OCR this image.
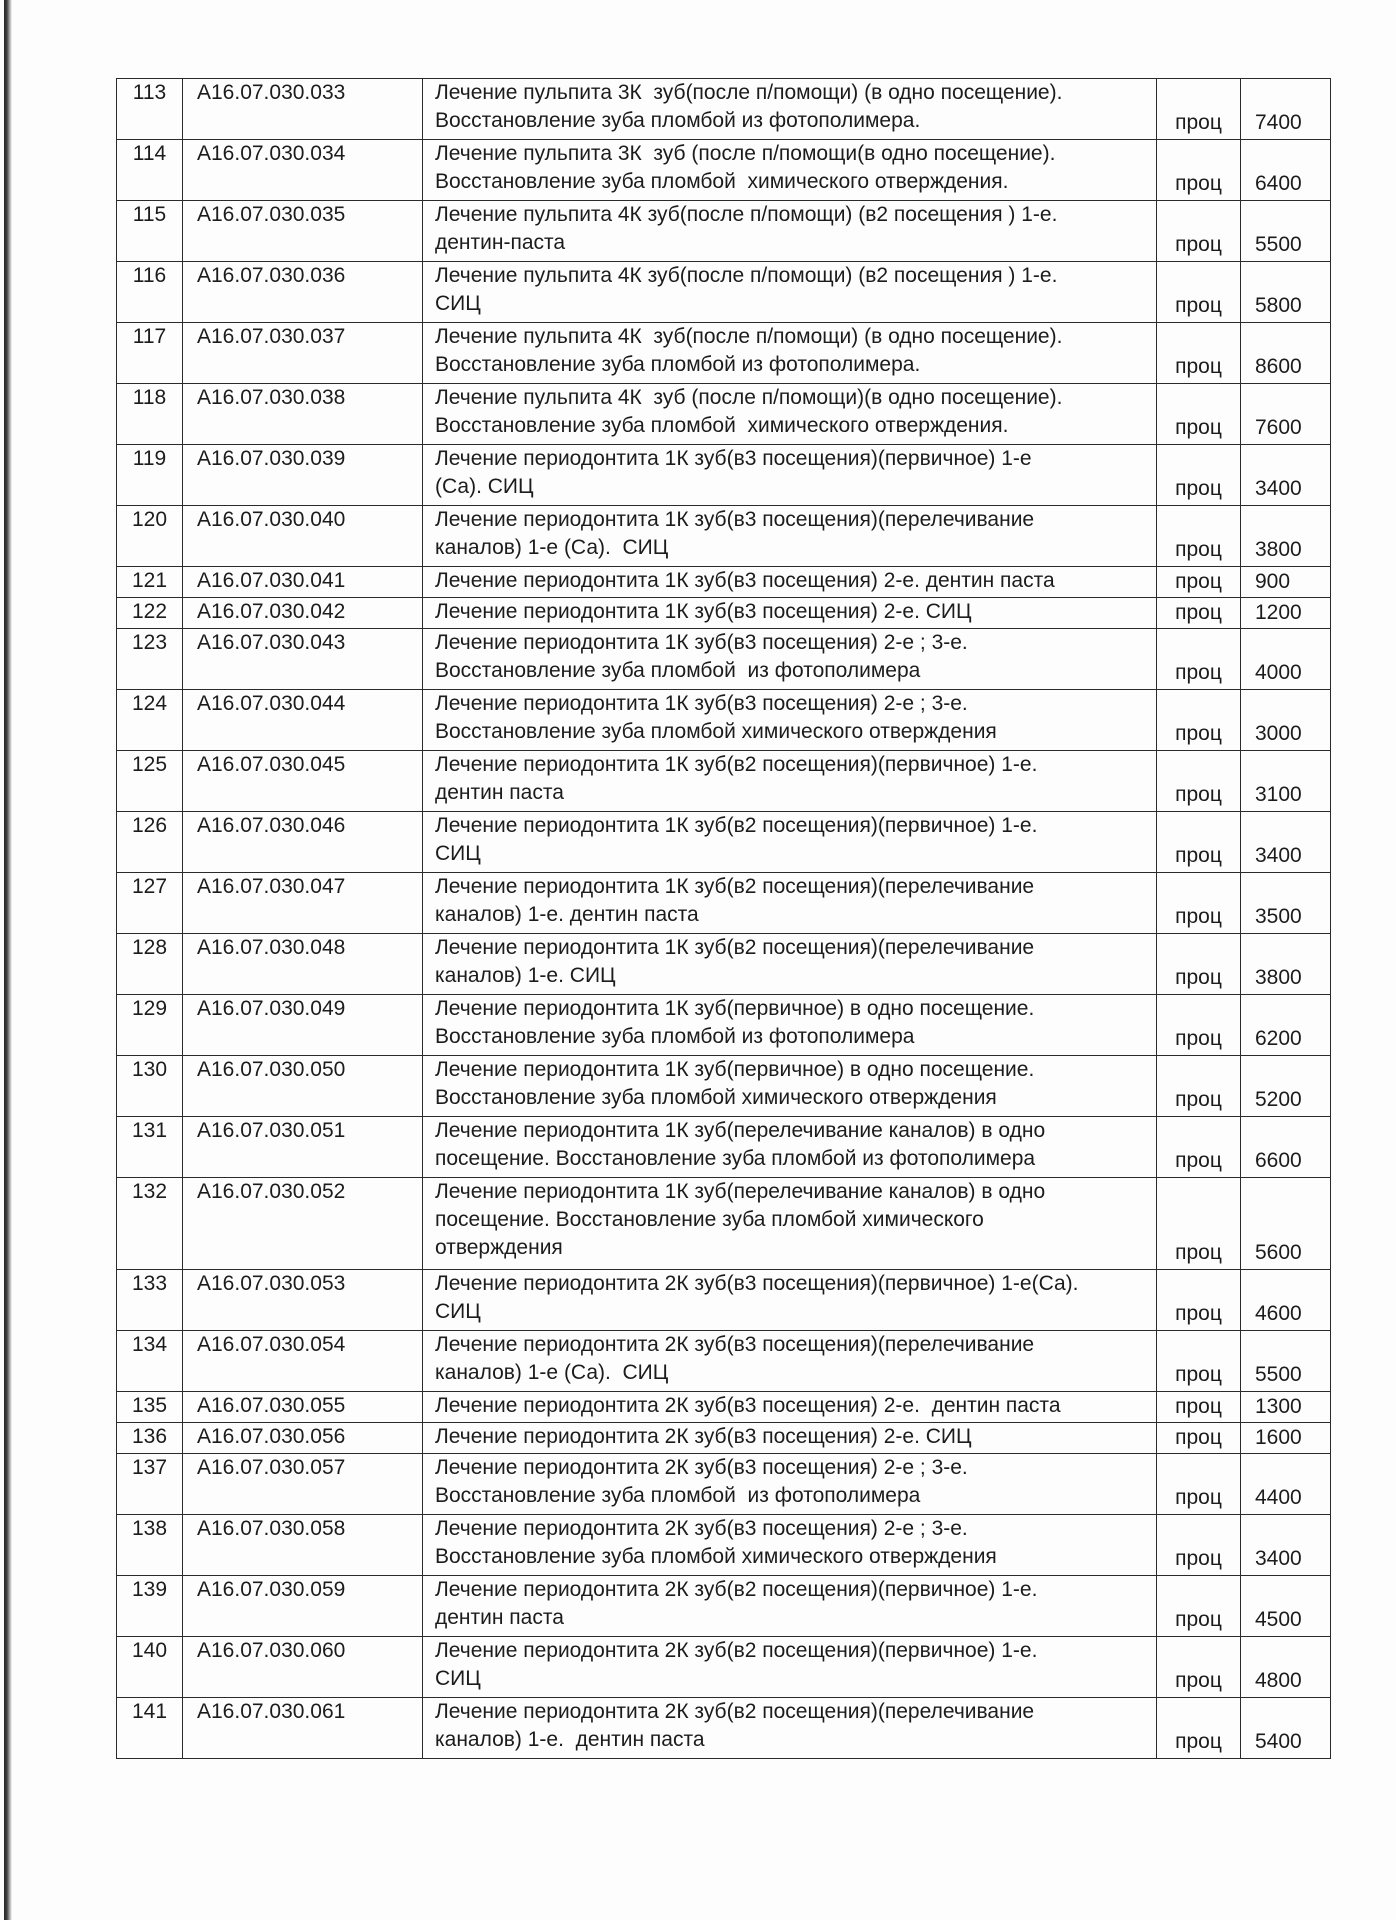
113	А16.07.030.033	Лечение пульпита 3К  зуб(после п/помощи) (в одно посещение).
Восстановление зуба пломбой из фотополимера.	проц	7400
114	А16.07.030.034	Лечение пульпита 3К  зуб (после п/помощи(в одно посещение).
Восстановление зуба пломбой  химического отверждения.	проц	6400
115	А16.07.030.035	Лечение пульпита 4К зуб(после п/помощи) (в2 посещения ) 1-е.
дентин-паста	проц	5500
116	А16.07.030.036	Лечение пульпита 4К зуб(после п/помощи) (в2 посещения ) 1-е.
СИЦ	проц	5800
117	А16.07.030.037	Лечение пульпита 4К  зуб(после п/помощи) (в одно посещение).
Восстановление зуба пломбой из фотополимера.	проц	8600
118	А16.07.030.038	Лечение пульпита 4К  зуб (после п/помощи)(в одно посещение).
Восстановление зуба пломбой  химического отверждения.	проц	7600
119	А16.07.030.039	Лечение периодонтита 1К зуб(в3 посещения)(первичное) 1-е
(Са). СИЦ	проц	3400
120	А16.07.030.040	Лечение периодонтита 1К зуб(в3 посещения)(перелечивание
каналов) 1-е (Са).  СИЦ	проц	3800
121	А16.07.030.041	Лечение периодонтита 1К зуб(в3 посещения) 2-е. дентин паста	проц	900
122	А16.07.030.042	Лечение периодонтита 1К зуб(в3 посещения) 2-е. СИЦ	проц	1200
123	А16.07.030.043	Лечение периодонтита 1К зуб(в3 посещения) 2-е ; 3-е.
Восстановление зуба пломбой  из фотополимера	проц	4000
124	А16.07.030.044	Лечение периодонтита 1К зуб(в3 посещения) 2-е ; 3-е.
Восстановление зуба пломбой химического отверждения	проц	3000
125	А16.07.030.045	Лечение периодонтита 1К зуб(в2 посещения)(первичное) 1-е.
дентин паста	проц	3100
126	А16.07.030.046	Лечение периодонтита 1К зуб(в2 посещения)(первичное) 1-е.
СИЦ	проц	3400
127	А16.07.030.047	Лечение периодонтита 1К зуб(в2 посещения)(перелечивание
каналов) 1-е. дентин паста	проц	3500
128	А16.07.030.048	Лечение периодонтита 1К зуб(в2 посещения)(перелечивание
каналов) 1-е. СИЦ	проц	3800
129	А16.07.030.049	Лечение периодонтита 1К зуб(первичное) в одно посещение.
Восстановление зуба пломбой из фотополимера	проц	6200
130	А16.07.030.050	Лечение периодонтита 1К зуб(первичное) в одно посещение.
Восстановление зуба пломбой химического отверждения	проц	5200
131	А16.07.030.051	Лечение периодонтита 1К зуб(перелечивание каналов) в одно
посещение. Восстановление зуба пломбой из фотополимера	проц	6600
132	А16.07.030.052	Лечение периодонтита 1К зуб(перелечивание каналов) в одно
посещение. Восстановление зуба пломбой химического
отверждения	проц	5600
133	А16.07.030.053	Лечение периодонтита 2К зуб(в3 посещения)(первичное) 1-е(Са).
СИЦ	проц	4600
134	А16.07.030.054	Лечение периодонтита 2К зуб(в3 посещения)(перелечивание
каналов) 1-е (Са).  СИЦ	проц	5500
135	А16.07.030.055	Лечение периодонтита 2К зуб(в3 посещения) 2-е.  дентин паста	проц	1300
136	А16.07.030.056	Лечение периодонтита 2К зуб(в3 посещения) 2-е. СИЦ	проц	1600
137	А16.07.030.057	Лечение периодонтита 2К зуб(в3 посещения) 2-е ; 3-е.
Восстановление зуба пломбой  из фотополимера	проц	4400
138	А16.07.030.058	Лечение периодонтита 2К зуб(в3 посещения) 2-е ; 3-е.
Восстановление зуба пломбой химического отверждения	проц	3400
139	А16.07.030.059	Лечение периодонтита 2К зуб(в2 посещения)(первичное) 1-е.
дентин паста	проц	4500
140	А16.07.030.060	Лечение периодонтита 2К зуб(в2 посещения)(первичное) 1-е.
СИЦ	проц	4800
141	А16.07.030.061	Лечение периодонтита 2К зуб(в2 посещения)(перелечивание
каналов) 1-е.  дентин паста	проц	5400
